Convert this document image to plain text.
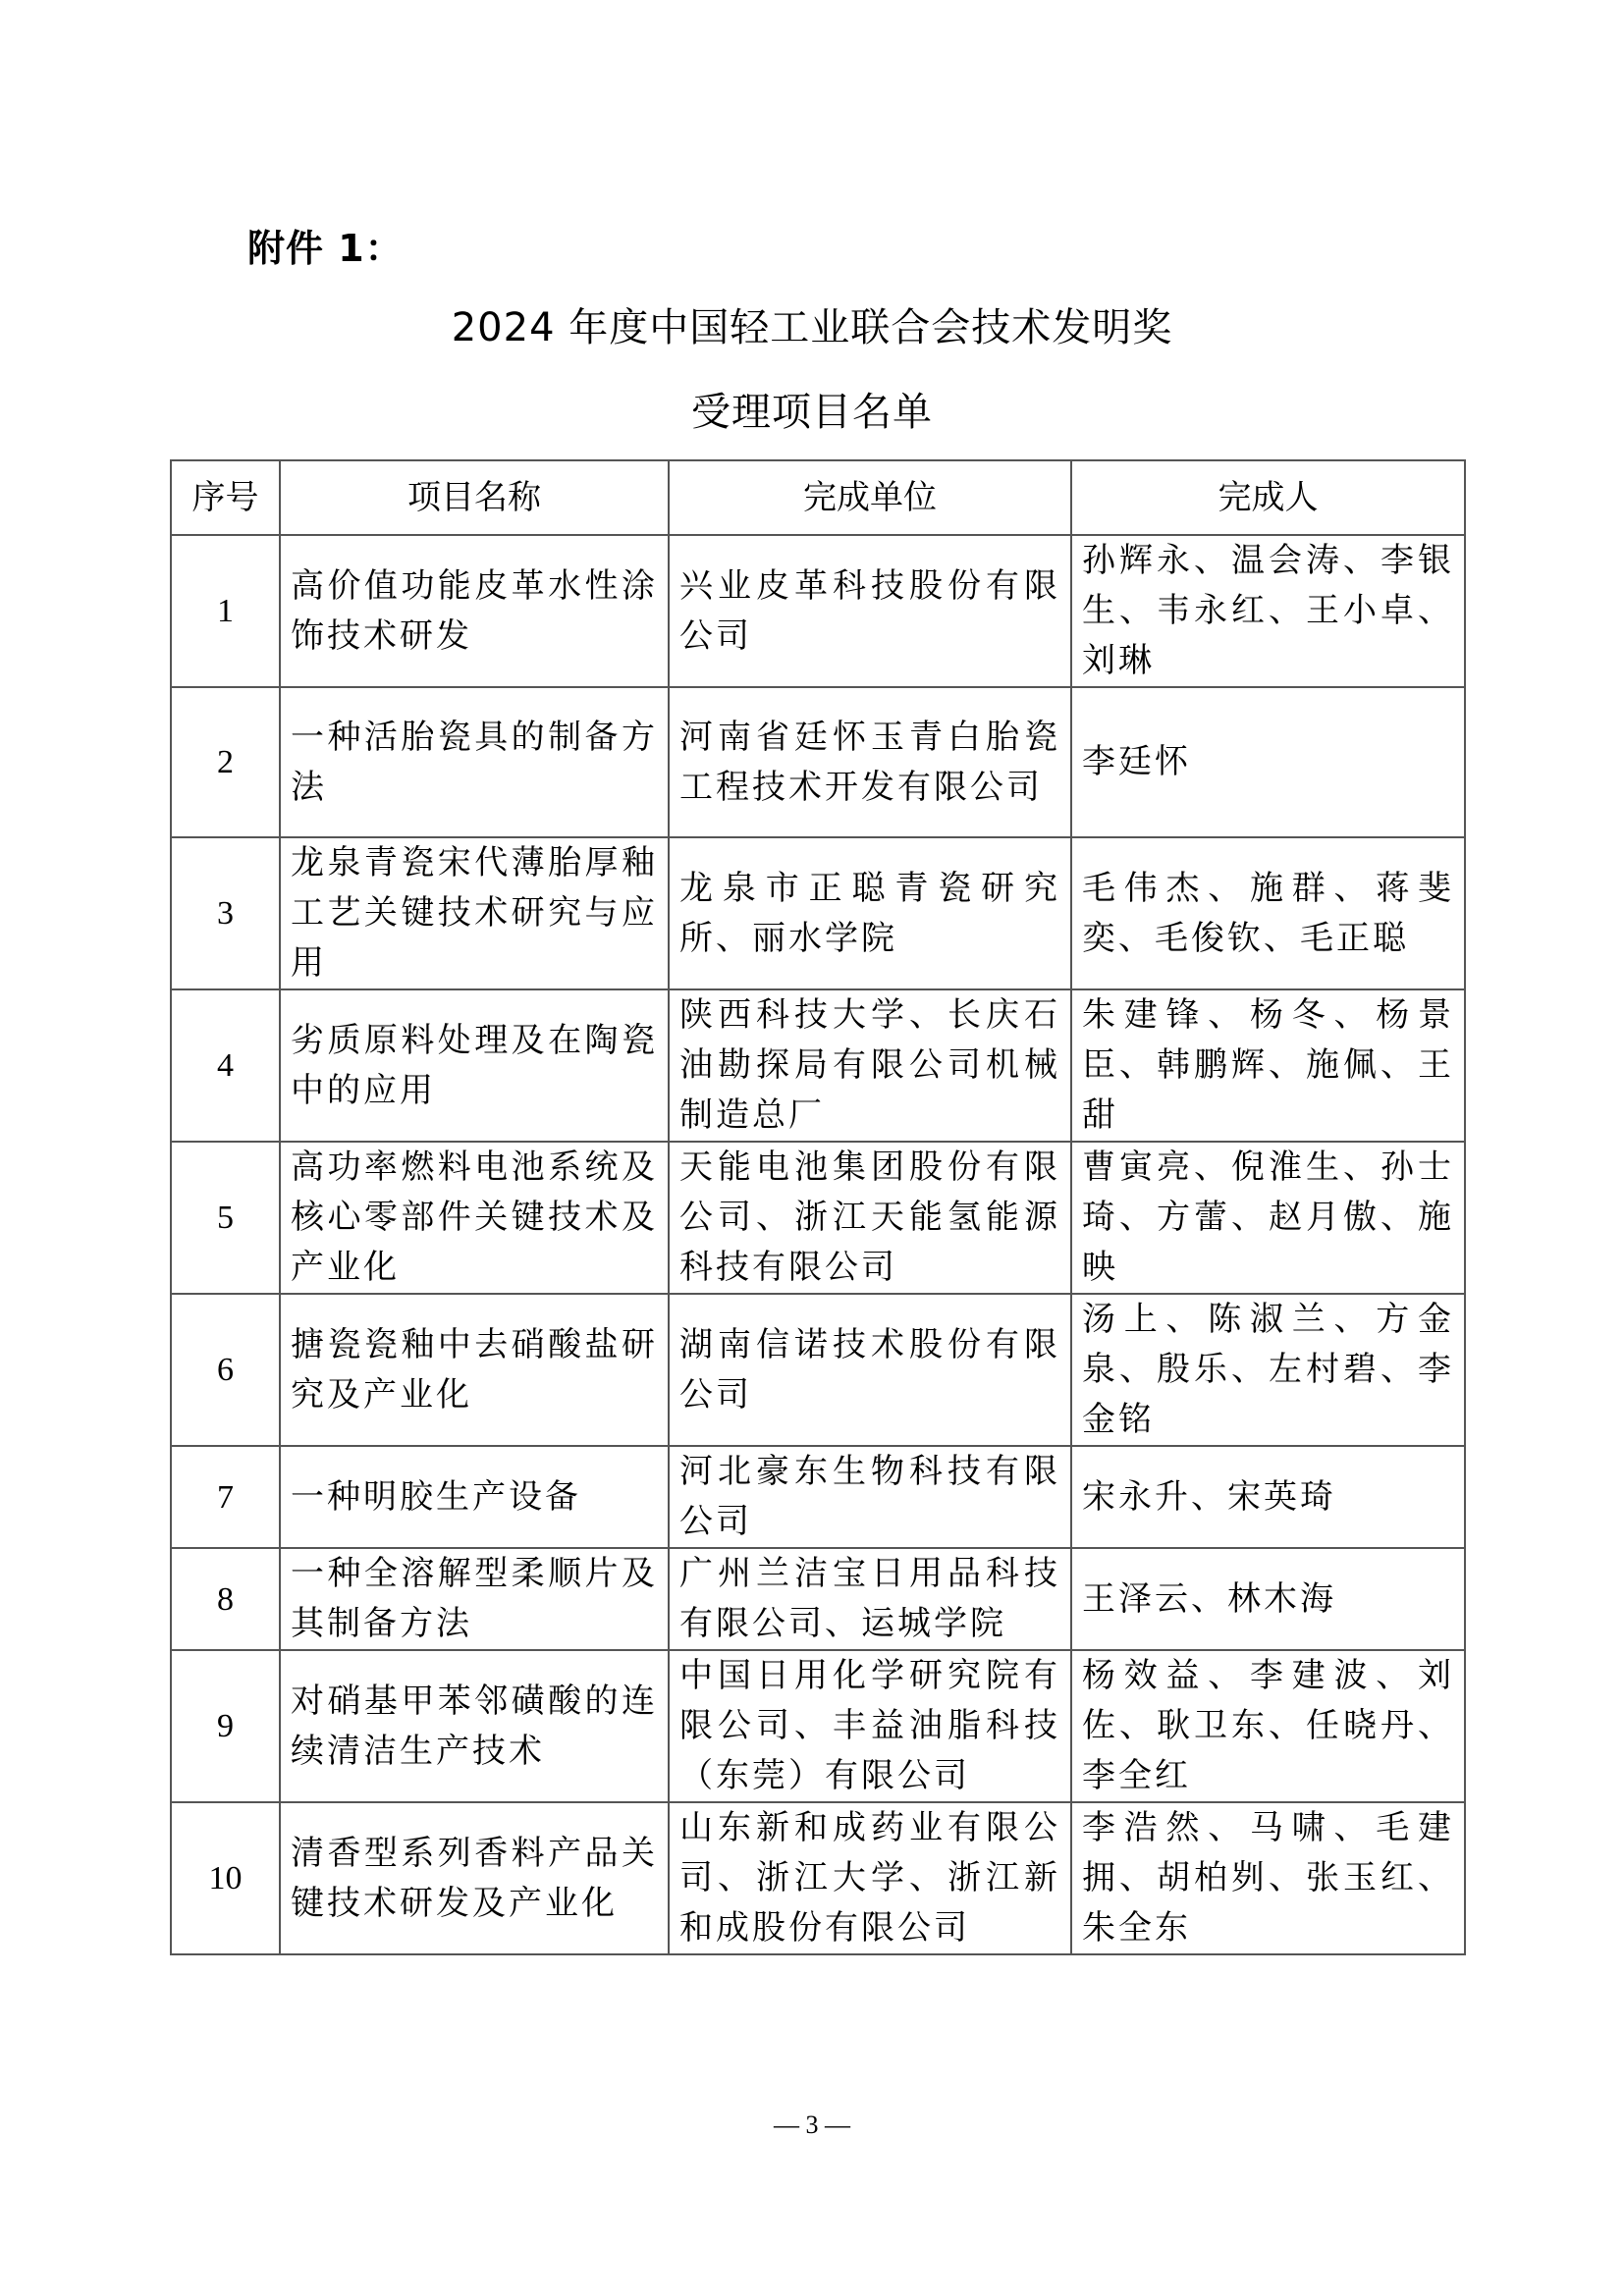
附件 1：
2024 年度中国轻工业联合会技术发明奖
受理项目名单
序号	项目名称	完成单位	完成人
1	高价值功能皮革水性涂饰技术研发	兴业皮革科技股份有限公司	孙辉永、温会涛、李银生、韦永红、王小卓、刘琳
2	一种活胎瓷具的制备方法	河南省廷怀玉青白胎瓷工程技术开发有限公司	李廷怀
3	龙泉青瓷宋代薄胎厚釉工艺关键技术研究与应用	龙泉市正聪青瓷研究所、丽水学院	毛伟杰、施群、蒋斐奕、毛俊钦、毛正聪
4	劣质原料处理及在陶瓷中的应用	陕西科技大学、长庆石油勘探局有限公司机械制造总厂	朱建锋、杨冬、杨景臣、韩鹏辉、施佩、王甜
5	高功率燃料电池系统及核心零部件关键技术及产业化	天能电池集团股份有限公司、浙江天能氢能源科技有限公司	曹寅亮、倪淮生、孙士琦、方蕾、赵月傲、施映
6	搪瓷瓷釉中去硝酸盐研究及产业化	湖南信诺技术股份有限公司	汤上、陈淑兰、方金泉、殷乐、左村碧、李金铭
7	一种明胶生产设备	河北豪东生物科技有限公司	宋永升、宋英琦
8	一种全溶解型柔顺片及其制备方法	广州兰洁宝日用品科技有限公司、运城学院	王泽云、林木海
9	对硝基甲苯邻磺酸的连续清洁生产技术	中国日用化学研究院有限公司、丰益油脂科技（东莞）有限公司	杨效益、李建波、刘佐、耿卫东、任晓丹、李全红
10	清香型系列香料产品关键技术研发及产业化	山东新和成药业有限公司、浙江大学、浙江新和成股份有限公司	李浩然、马啸、毛建拥、胡柏刿、张玉红、朱全东
— 3 —
